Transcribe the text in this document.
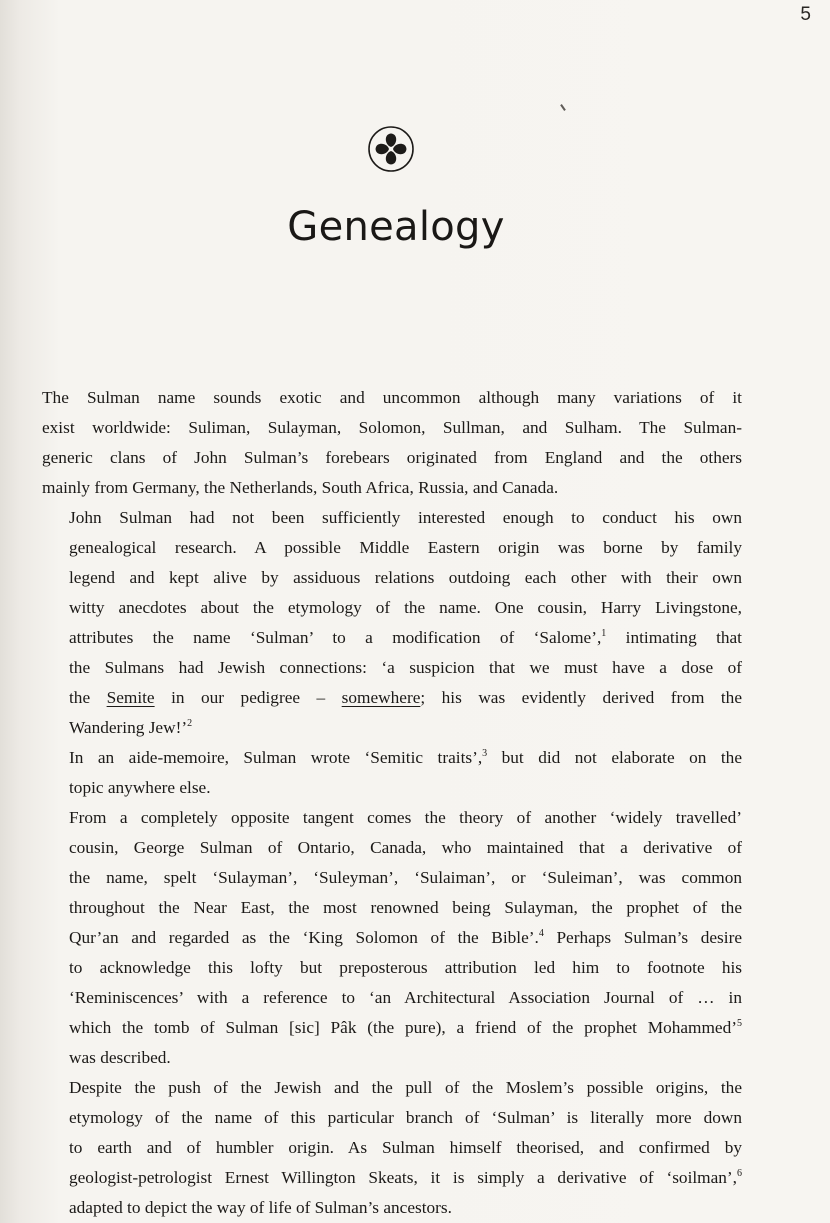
5
Genealogy

The Sulman name sounds exotic and uncommon although many variations of it
exist worldwide: Suliman, Sulayman, Solomon, Sullman, and Sulham. The Sulman-
generic clans of John Sulman’s forebears originated from England and the others
mainly from Germany, the Netherlands, South Africa, Russia, and Canada.

John Sulman had not been sufficiently interested enough to conduct his own
genealogical research. A possible Middle Eastern origin was borne by family
legend and kept alive by assiduous relations outdoing each other with their own
witty anecdotes about the etymology of the name. One cousin, Harry Livingstone,
attributes the name ‘Sulman’ to a modification of ‘Salome’,$^1$ intimating that
the Sulmans had Jewish connections: ‘a suspicion that we must have a dose of
the Semite in our pedigree – somewhere; his was evidently derived from the
Wandering Jew!’$^2$

In an aide-memoire, Sulman wrote ‘Semitic traits’,$^3$ but did not elaborate on the
topic anywhere else.

From a completely opposite tangent comes the theory of another ‘widely travelled’
cousin, George Sulman of Ontario, Canada, who maintained that a derivative of
the name, spelt ‘Sulayman’, ‘Suleyman’, ‘Sulaiman’, or ‘Suleiman’, was common
throughout the Near East, the most renowned being Sulayman, the prophet of the
Qur’an and regarded as the ‘King Solomon of the Bible’.$^4$ Perhaps Sulman’s desire
to acknowledge this lofty but preposterous attribution led him to footnote his
‘Reminiscences’ with a reference to ‘an Architectural Association Journal of … in
which the tomb of Sulman [sic] Pâk (the pure), a friend of the prophet Mohammed’$^5$
was described.

Despite the push of the Jewish and the pull of the Moslem’s possible origins, the
etymology of the name of this particular branch of ‘Sulman’ is literally more down
to earth and of humbler origin. As Sulman himself theorised, and confirmed by
geologist-petrologist Ernest Willington Skeats, it is simply a derivative of ‘soilman’,$^6$
adapted to depict the way of life of Sulman’s ancestors.
